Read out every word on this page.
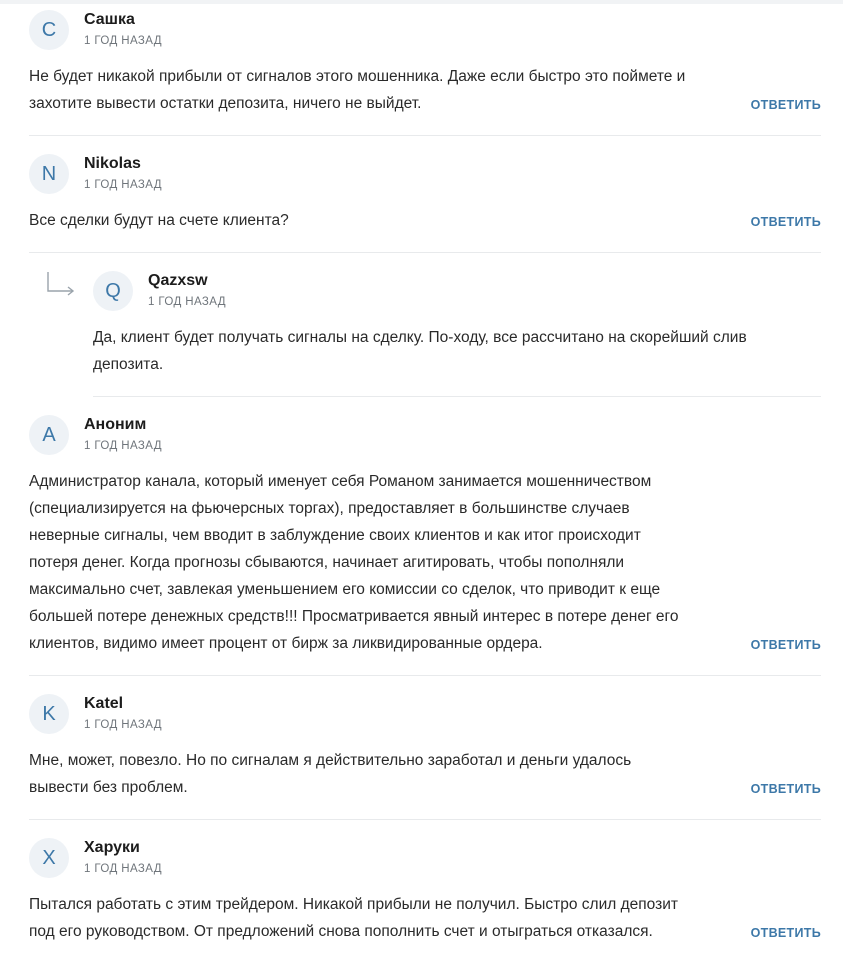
С	Сашка
1 ГОД НАЗАД
Не будет никакой прибыли от сигналов этого мошенника. Даже если быстро это поймете и
захотите вывести остатки депозита, ничего не выйдет.	ОТВЕТИТЬ
N	Nikolas
1 ГОД НАЗАД
Все сделки будут на счете клиента?	ОТВЕТИТЬ
Q	Qazxsw
1 ГОД НАЗАД
Да, клиент будет получать сигналы на сделку. По-ходу, все рассчитано на скорейший слив
депозита.
А	Аноним
1 ГОД НАЗАД
Администратор канала, который именует себя Романом занимается мошенничеством
(специализируется на фьючерсных торгах), предоставляет в большинстве случаев
неверные сигналы, чем вводит в заблуждение своих клиентов и как итог происходит
потеря денег. Когда прогнозы сбываются, начинает агитировать, чтобы пополняли
максимально счет, завлекая уменьшением его комиссии со сделок, что приводит к еще
большей потере денежных средств!!! Просматривается явный интерес в потере денег его
клиентов, видимо имеет процент от бирж за ликвидированные ордера.	ОТВЕТИТЬ
K	Katel
1 ГОД НАЗАД
Мне, может, повезло. Но по сигналам я действительно заработал и деньги удалось
вывести без проблем.	ОТВЕТИТЬ
Х	Харуки
1 ГОД НАЗАД
Пытался работать с этим трейдером. Никакой прибыли не получил. Быстро слил депозит
под его руководством. От предложений снова пополнить счет и отыграться отказался.	ОТВЕТИТЬ
